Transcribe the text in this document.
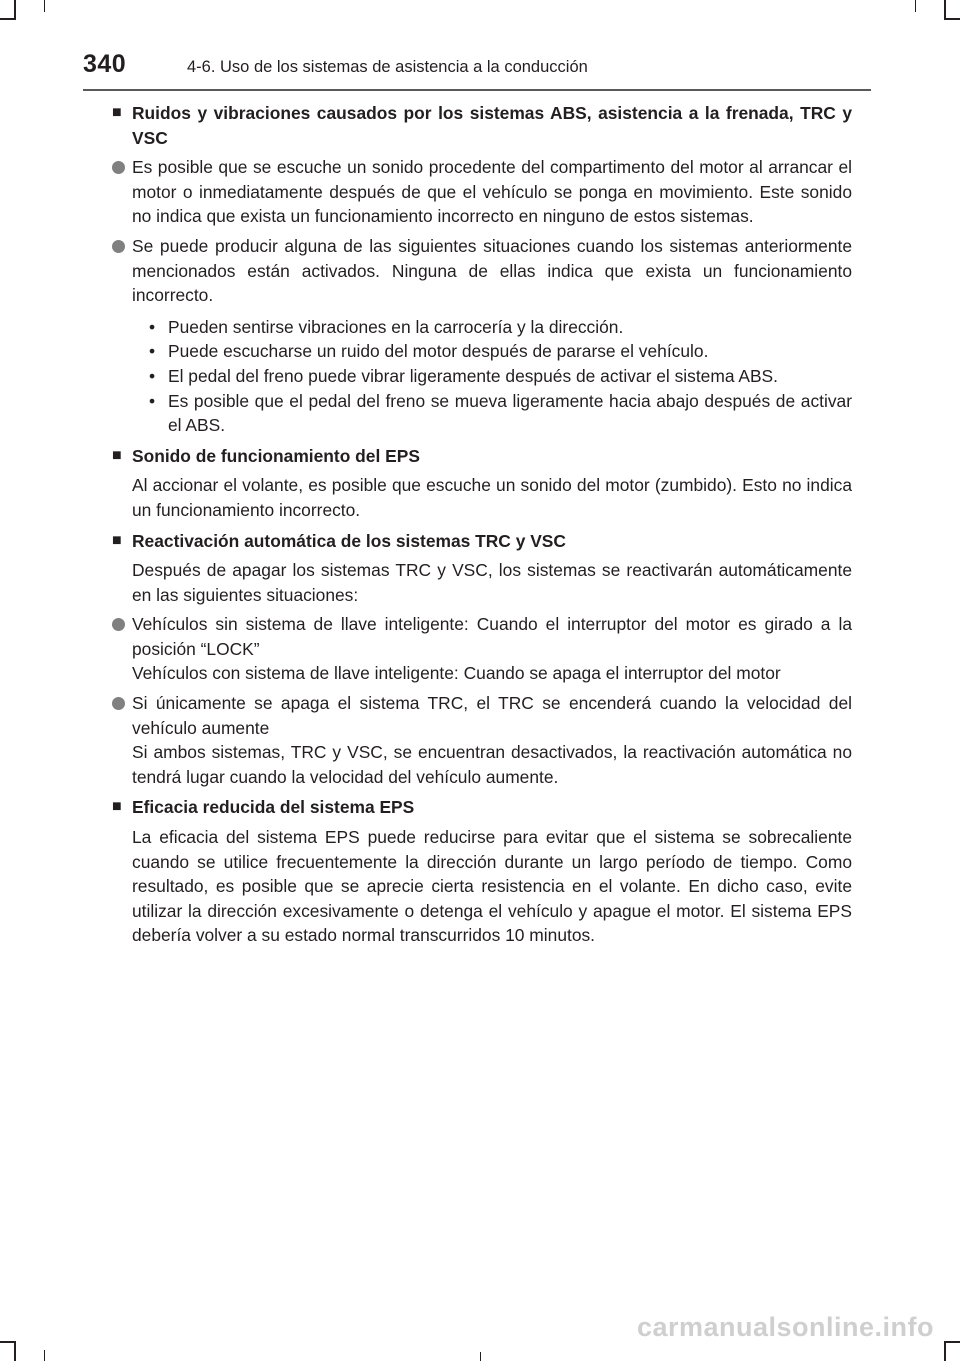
340	4-6. Uso de los sistemas de asistencia a la conducción
■ Ruidos y vibraciones causados por los sistemas ABS, asistencia a la frenada, TRC y VSC

Es posible que se escuche un sonido procedente del compartimento del motor al arrancar el motor o inmediatamente después de que el vehículo se ponga en movimiento. Este sonido no indica que exista un funcionamiento incorrecto en ninguno de estos sistemas.

Se puede producir alguna de las siguientes situaciones cuando los sistemas anteriormente mencionados están activados. Ninguna de ellas indica que exista un funcionamiento incorrecto.

• Pueden sentirse vibraciones en la carrocería y la dirección.
• Puede escucharse un ruido del motor después de pararse el vehículo.
• El pedal del freno puede vibrar ligeramente después de activar el sistema ABS.
• Es posible que el pedal del freno se mueva ligeramente hacia abajo después de activar el ABS.
■ Sonido de funcionamiento del EPS
Al accionar el volante, es posible que escuche un sonido del motor (zumbido). Esto no indica un funcionamiento incorrecto.
■ Reactivación automática de los sistemas TRC y VSC
Después de apagar los sistemas TRC y VSC, los sistemas se reactivarán automáticamente en las siguientes situaciones:

Vehículos sin sistema de llave inteligente: Cuando el interruptor del motor es girado a la posición “LOCK”

Vehículos con sistema de llave inteligente: Cuando se apaga el interruptor del motor

Si únicamente se apaga el sistema TRC, el TRC se encenderá cuando la velocidad del vehículo aumente

Si ambos sistemas, TRC y VSC, se encuentran desactivados, la reactivación automática no tendrá lugar cuando la velocidad del vehículo aumente.

■ Eficacia reducida del sistema EPS
La eficacia del sistema EPS puede reducirse para evitar que el sistema se sobrecaliente cuando se utilice frecuentemente la dirección durante un largo período de tiempo. Como resultado, es posible que se aprecie cierta resistencia en el volante. En dicho caso, evite utilizar la dirección excesivamente o detenga el vehículo y apague el motor. El sistema EPS debería volver a su estado normal transcurridos 10 minutos.
carmanualsonline.info
